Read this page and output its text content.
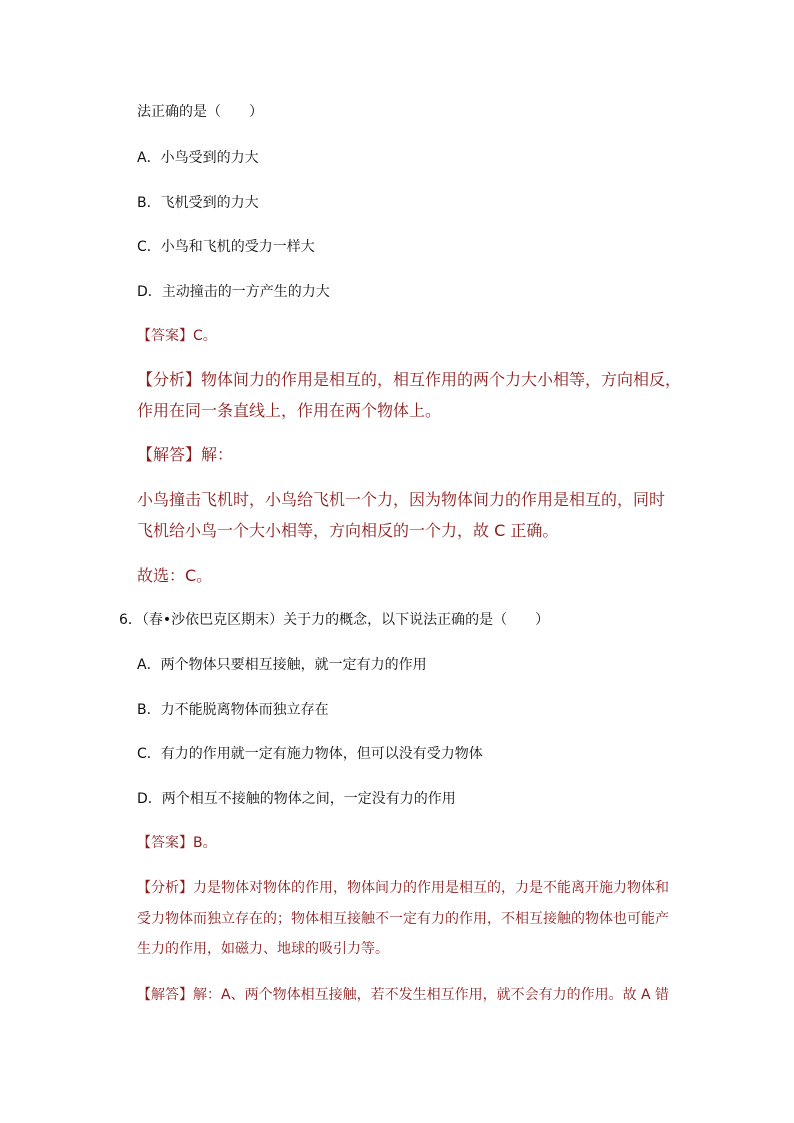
法正确的是（　　）
A．小鸟受到的力大
B．飞机受到的力大
C．小鸟和飞机的受力一样大
D．主动撞击的一方产生的力大
【答案】C。
【分析】物体间力的作用是相互的，相互作用的两个力大小相等，方向相反，
作用在同一条直线上，作用在两个物体上。
【解答】解：
小鸟撞击飞机时，小鸟给飞机一个力，因为物体间力的作用是相互的，同时
飞机给小鸟一个大小相等，方向相反的一个力，故 C 正确。
故选：C。
6．（春•沙依巴克区期末）关于力的概念，以下说法正确的是（　　）
A．两个物体只要相互接触，就一定有力的作用
B．力不能脱离物体而独立存在
C．有力的作用就一定有施力物体，但可以没有受力物体
D．两个相互不接触的物体之间，一定没有力的作用
【答案】B。
【分析】力是物体对物体的作用，物体间力的作用是相互的，力是不能离开施力物体和
受力物体而独立存在的；物体相互接触不一定有力的作用，不相互接触的物体也可能产
生力的作用，如磁力、地球的吸引力等。
【解答】解：A、两个物体相互接触，若不发生相互作用，就不会有力的作用。故 A 错
